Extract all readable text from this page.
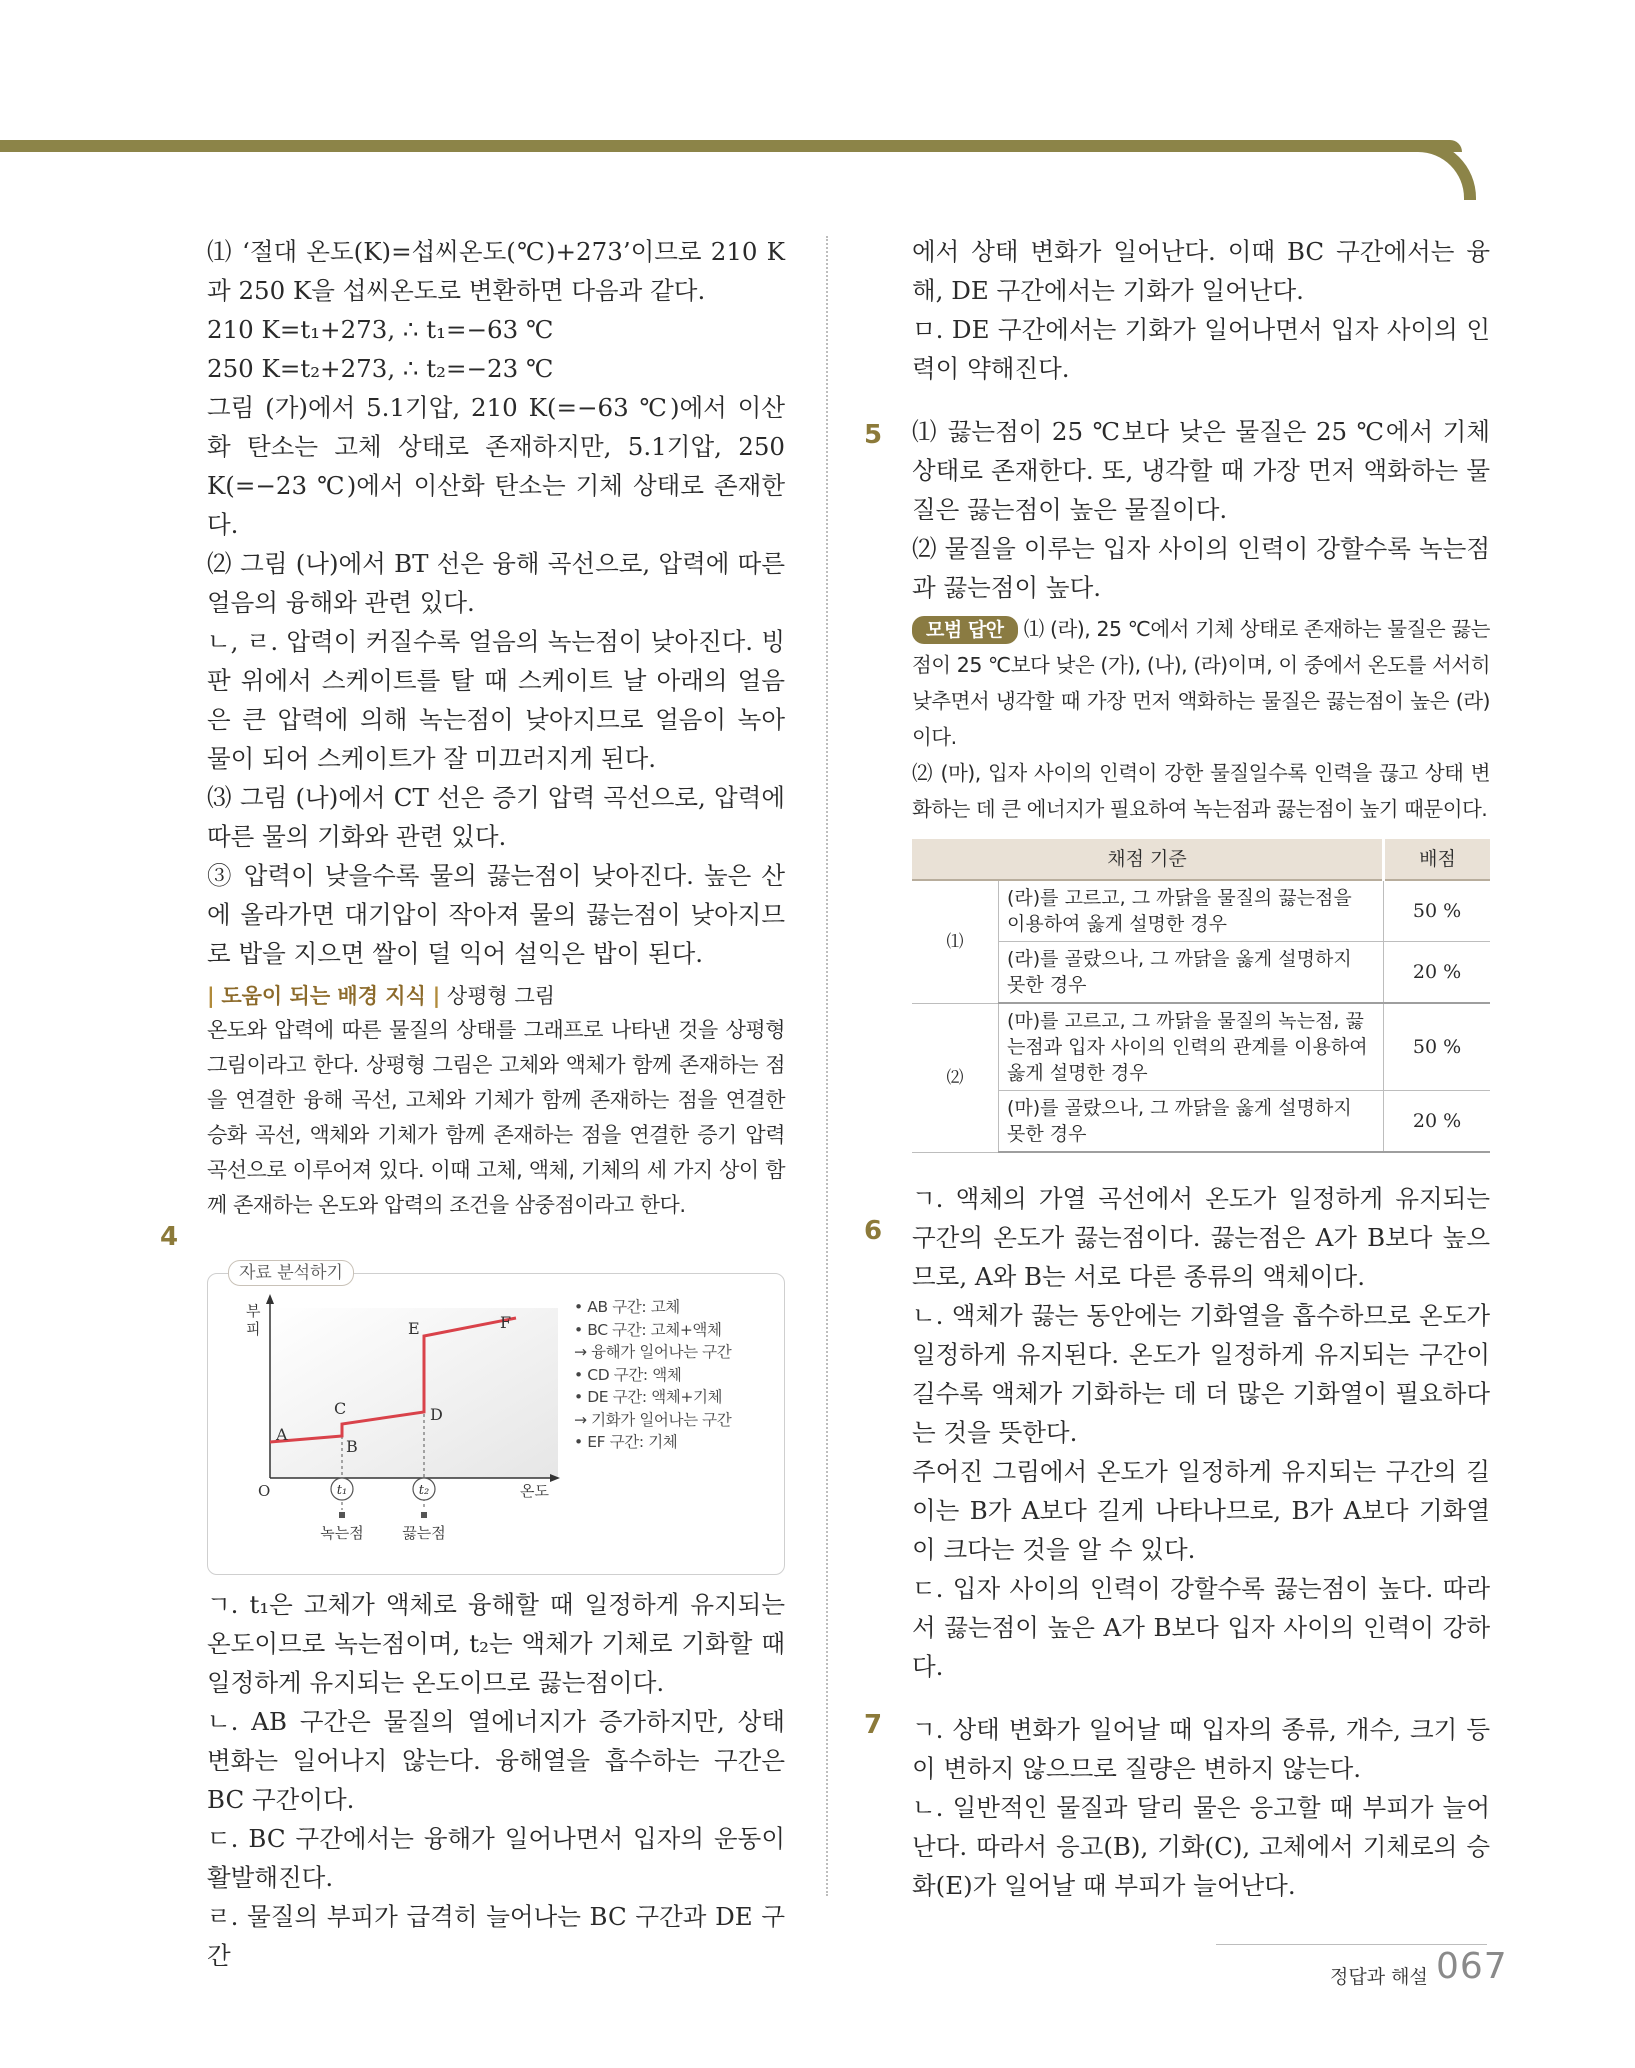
⑴ ‘절대 온도(K)=섭씨온도(℃)+273’이므로 210 K과 250 K을 섭씨온도로 변환하면 다음과 같다.

210 K=t₁+273, ∴ t₁=−63 ℃

250 K=t₂+273, ∴ t₂=−23 ℃

그림 (가)에서 5.1기압, 210 K(=−63 ℃)에서 이산화 탄소는 고체 상태로 존재하지만, 5.1기압, 250 K(=−23 ℃)에서 이산화 탄소는 기체 상태로 존재한다.

⑵ 그림 (나)에서 BT 선은 융해 곡선으로, 압력에 따른 얼음의 융해와 관련 있다.

ㄴ, ㄹ. 압력이 커질수록 얼음의 녹는점이 낮아진다. 빙판 위에서 스케이트를 탈 때 스케이트 날 아래의 얼음은 큰 압력에 의해 녹는점이 낮아지므로 얼음이 녹아 물이 되어 스케이트가 잘 미끄러지게 된다.

⑶ 그림 (나)에서 CT 선은 증기 압력 곡선으로, 압력에 따른 물의 기화와 관련 있다.

③ 압력이 낮을수록 물의 끓는점이 낮아진다. 높은 산에 올라가면 대기압이 작아져 물의 끓는점이 낮아지므로 밥을 지으면 쌀이 덜 익어 설익은 밥이 된다.

| 도움이 되는 배경 지식 | 상평형 그림

온도와 압력에 따른 물질의 상태를 그래프로 나타낸 것을 상평형 그림이라고 한다. 상평형 그림은 고체와 액체가 함께 존재하는 점을 연결한 융해 곡선, 고체와 기체가 함께 존재하는 점을 연결한 승화 곡선, 액체와 기체가 함께 존재하는 점을 연결한 증기 압력 곡선으로 이루어져 있다. 이때 고체, 액체, 기체의 세 가지 상이 함께 존재하는 온도와 압력의 조건을 삼중점이라고 한다.

자료 분석하기
부
피
O	온도
A
B
C	D
E	F
t₁	t₂
녹는점	끓는점
• AB 구간: 고체
• BC 구간: 고체+액체
→ 융해가 일어나는 구간
• CD 구간: 액체
• DE 구간: 액체+기체
→ 기화가 일어나는 구간
• EF 구간: 기체

ㄱ. t₁은 고체가 액체로 융해할 때 일정하게 유지되는 온도이므로 녹는점이며, t₂는 액체가 기체로 기화할 때 일정하게 유지되는 온도이므로 끓는점이다.

ㄴ. AB 구간은 물질의 열에너지가 증가하지만, 상태 변화는 일어나지 않는다. 융해열을 흡수하는 구간은 BC 구간이다.

ㄷ. BC 구간에서는 융해가 일어나면서 입자의 운동이 활발해진다.

ㄹ. 물질의 부피가 급격히 늘어나는 BC 구간과 DE 구간

4

에서 상태 변화가 일어난다. 이때 BC 구간에서는 융해, DE 구간에서는 기화가 일어난다.

ㅁ. DE 구간에서는 기화가 일어나면서 입자 사이의 인력이 약해진다.

⑴ 끓는점이 25 ℃보다 낮은 물질은 25 ℃에서 기체 상태로 존재한다. 또, 냉각할 때 가장 먼저 액화하는 물질은 끓는점이 높은 물질이다.

⑵ 물질을 이루는 입자 사이의 인력이 강할수록 녹는점과 끓는점이 높다.

모범 답안 ⑴ (라), 25 ℃에서 기체 상태로 존재하는 물질은 끓는점이 25 ℃보다 낮은 (가), (나), (라)이며, 이 중에서 온도를 서서히 낮추면서 냉각할 때 가장 먼저 액화하는 물질은 끓는점이 높은 (라)이다.

⑵ (마), 입자 사이의 인력이 강한 물질일수록 인력을 끊고 상태 변화하는 데 큰 에너지가 필요하여 녹는점과 끓는점이 높기 때문이다.

채점 기준		배점
⑴	(라)를 고르고, 그 까닭을 물질의 끓는점을 이용하여 옳게 설명한 경우	50 %
	(라)를 골랐으나, 그 까닭을 옳게 설명하지 못한 경우	20 %
⑵	(마)를 고르고, 그 까닭을 물질의 녹는점, 끓는점과 입자 사이의 인력의 관계를 이용하여 옳게 설명한 경우	50 %
	(마)를 골랐으나, 그 까닭을 옳게 설명하지 못한 경우	20 %

ㄱ. 액체의 가열 곡선에서 온도가 일정하게 유지되는 구간의 온도가 끓는점이다. 끓는점은 A가 B보다 높으므로, A와 B는 서로 다른 종류의 액체이다.

ㄴ. 액체가 끓는 동안에는 기화열을 흡수하므로 온도가 일정하게 유지된다. 온도가 일정하게 유지되는 구간이 길수록 액체가 기화하는 데 더 많은 기화열이 필요하다는 것을 뜻한다.

주어진 그림에서 온도가 일정하게 유지되는 구간의 길이는 B가 A보다 길게 나타나므로, B가 A보다 기화열이 크다는 것을 알 수 있다.

ㄷ. 입자 사이의 인력이 강할수록 끓는점이 높다. 따라서 끓는점이 높은 A가 B보다 입자 사이의 인력이 강하다.

ㄱ. 상태 변화가 일어날 때 입자의 종류, 개수, 크기 등이 변하지 않으므로 질량은 변하지 않는다.

ㄴ. 일반적인 물질과 달리 물은 응고할 때 부피가 늘어난다. 따라서 응고(B), 기화(C), 고체에서 기체로의 승화(E)가 일어날 때 부피가 늘어난다.

5
6
7
정답과 해설 067
